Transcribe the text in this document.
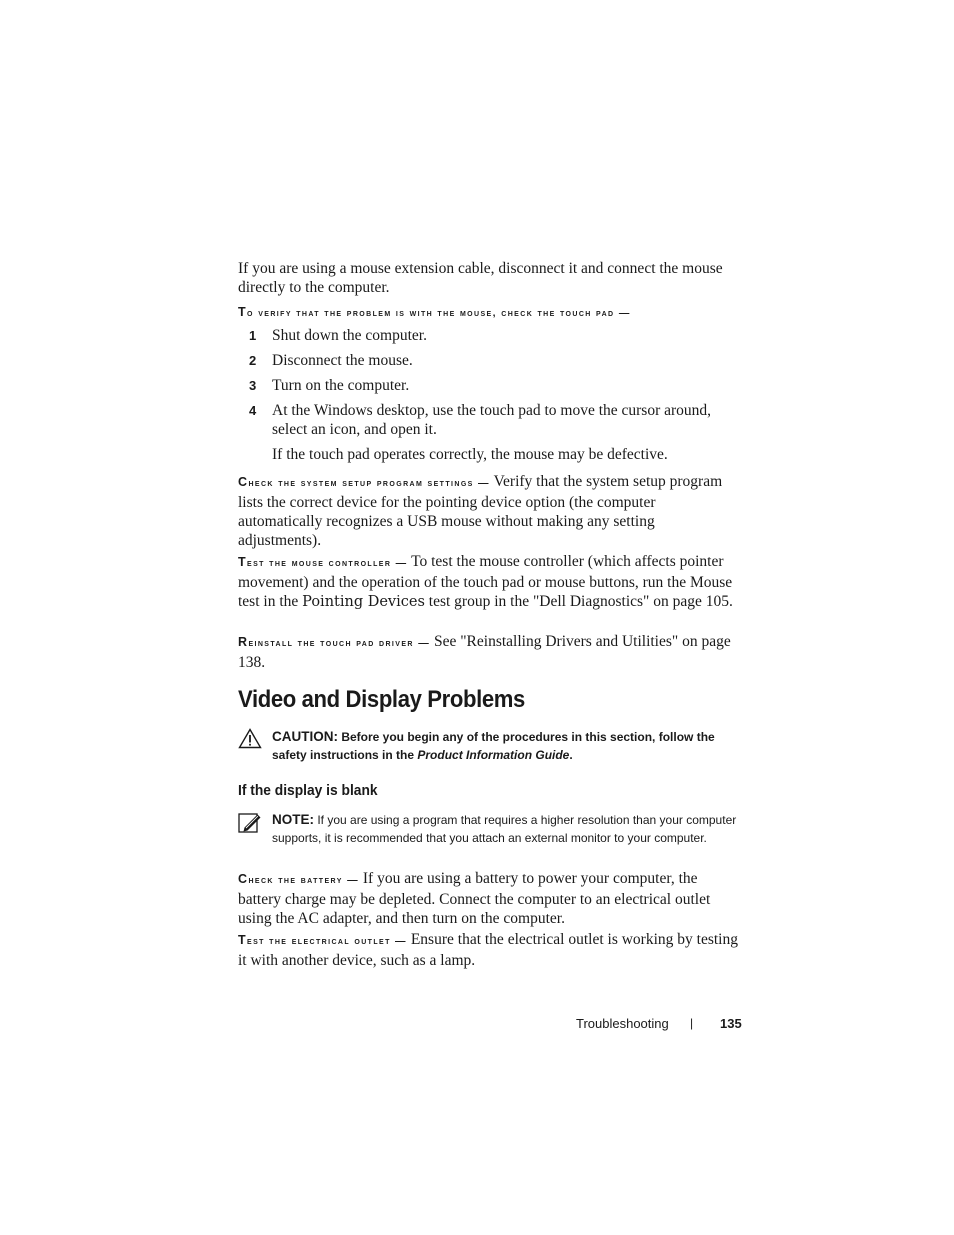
If you are using a mouse extension cable, disconnect it and connect the mouse directly to the computer.

To verify that the problem is with the mouse, check the touch pad —

1 Shut down the computer.
2 Disconnect the mouse.
3 Turn on the computer.
4 At the Windows desktop, use the touch pad to move the cursor around, select an icon, and open it.

If the touch pad operates correctly, the mouse may be defective.

Check the system setup program settings — Verify that the system setup program lists the correct device for the pointing device option (the computer automatically recognizes a USB mouse without making any setting adjustments).

Test the mouse controller — To test the mouse controller (which affects pointer movement) and the operation of the touch pad or mouse buttons, run the Mouse test in the Pointing Devices test group in the "Dell Diagnostics" on page 105.

Reinstall the touch pad driver — See "Reinstalling Drivers and Utilities" on page 138.

Video and Display Problems
CAUTION: Before you begin any of the procedures in this section, follow the safety instructions in the Product Information Guide.
If the display is blank
NOTE: If you are using a program that requires a higher resolution than your computer supports, it is recommended that you attach an external monitor to your computer.

Check the battery — If you are using a battery to power your computer, the battery charge may be depleted. Connect the computer to an electrical outlet using the AC adapter, and then turn on the computer.

Test the electrical outlet — Ensure that the electrical outlet is working by testing it with another device, such as a lamp.

Troubleshooting | 135
